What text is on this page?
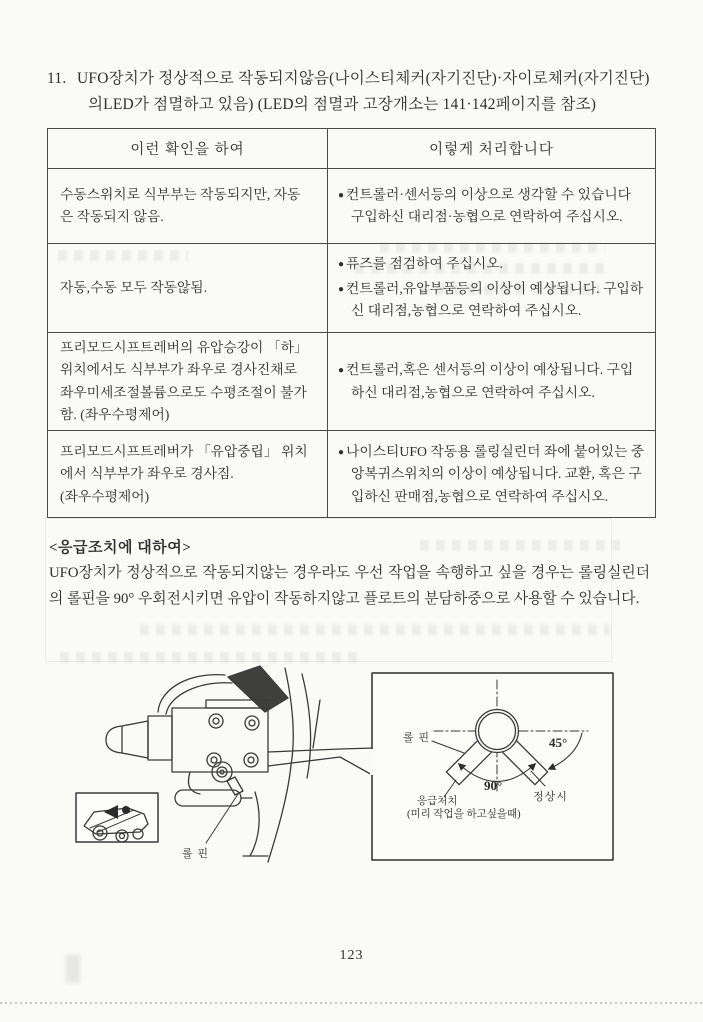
11. UFO장치가 정상적으로 작동되지않음(나이스티체커(자기진단)·자이로체커(자기진단)
의LED가 점멸하고 있음) (LED의 점멸과 고장개소는 141·142페이지를 참조)
이런 확인을 하여	이렇게 처리합니다
수동스위치로 식부부는 작동되지만, 자동은 작동되지 않음.	● 컨트롤러·센서등의 이상으로 생각할 수 있습니다 구입하신 대리점·농협으로 연락하여 주십시오.

자동,수동 모두 작동않됨.	● 퓨즈를 점검하여 주십시오.
● 컨트롤러,유압부품등의 이상이 예상됩니다. 구입하신 대리점,농협으로 연락하여 주십시오.

프리모드시프트레버의 유압승강이 「하」 위치에서도 식부부가 좌우로 경사진채로 좌우미세조절볼륨으로도 수평조절이 불가함. (좌우수평제어)	● 컨트롤러,혹은 센서등의 이상이 예상됩니다. 구입하신 대리점,농협으로 연락하여 주십시오.

프리모드시프트레버가 「유압중립」 위치에서 식부부가 좌우로 경사짐.
(좌우수평제어)	● 나이스티UFO 작동용 롤링실린더 좌에 붙어있는 중앙복귀스위치의 이상이 예상됩니다. 교환, 혹은 구입하신 판매점,농협으로 연락하여 주십시오.
<응급조치에 대하여>
UFO장치가 정상적으로 작동되지않는 경우라도 우선 작업을 속행하고 싶을 경우는 롤링실린더의 롤핀을 90° 우회전시키면 유압이 작동하지않고 플로트의 분담하중으로 사용할 수 있습니다.
롤 핀
롤 핀	45°
90°
정상시
응급처치
(미리 작업을 하고싶을때)
123
